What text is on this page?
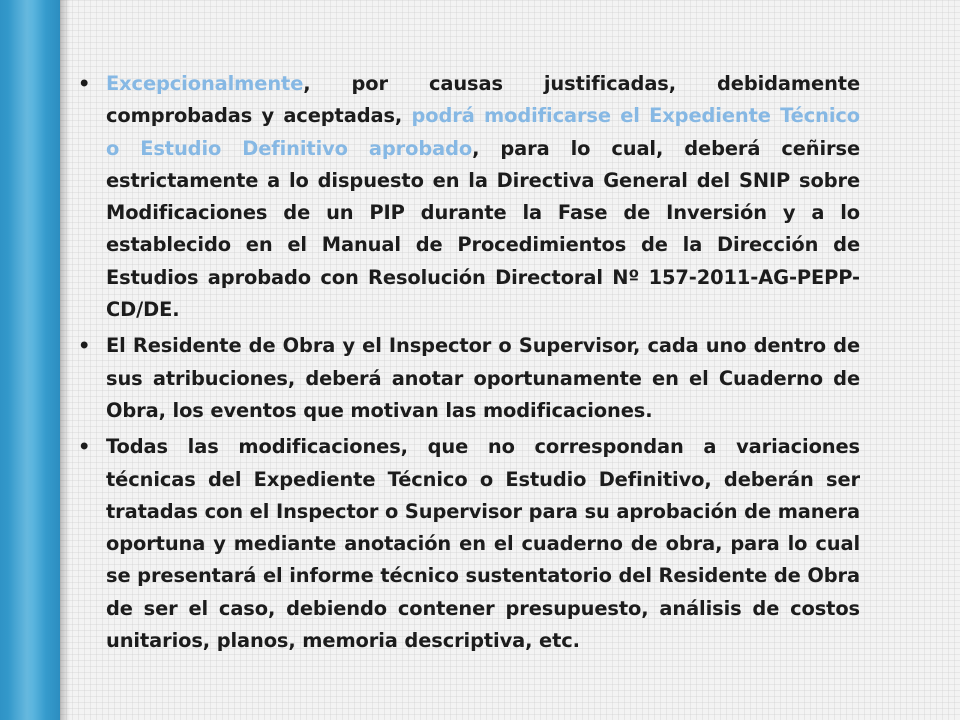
• Excepcionalmente, por causas justificadas, debidamente comprobadas y aceptadas, podrá modificarse el Expediente Técnico o Estudio Definitivo aprobado, para lo cual, deberá ceñirse estrictamente a lo dispuesto en la Directiva General del SNIP sobre Modificaciones de un PIP durante la Fase de Inversión y a lo establecido en el Manual de Procedimientos de la Dirección de Estudios aprobado con Resolución Directoral Nº 157-2011-AG-PEPP-CD/DE.
• El Residente de Obra y el Inspector o Supervisor, cada uno dentro de sus atribuciones, deberá anotar oportunamente en el Cuaderno de Obra, los eventos que motivan las modificaciones.
• Todas las modificaciones, que no correspondan a variaciones técnicas del Expediente Técnico o Estudio Definitivo, deberán ser tratadas con el Inspector o Supervisor para su aprobación de manera oportuna y mediante anotación en el cuaderno de obra, para lo cual se presentará el informe técnico sustentatorio del Residente de Obra de ser el caso, debiendo contener presupuesto, análisis de costos unitarios, planos, memoria descriptiva, etc.
